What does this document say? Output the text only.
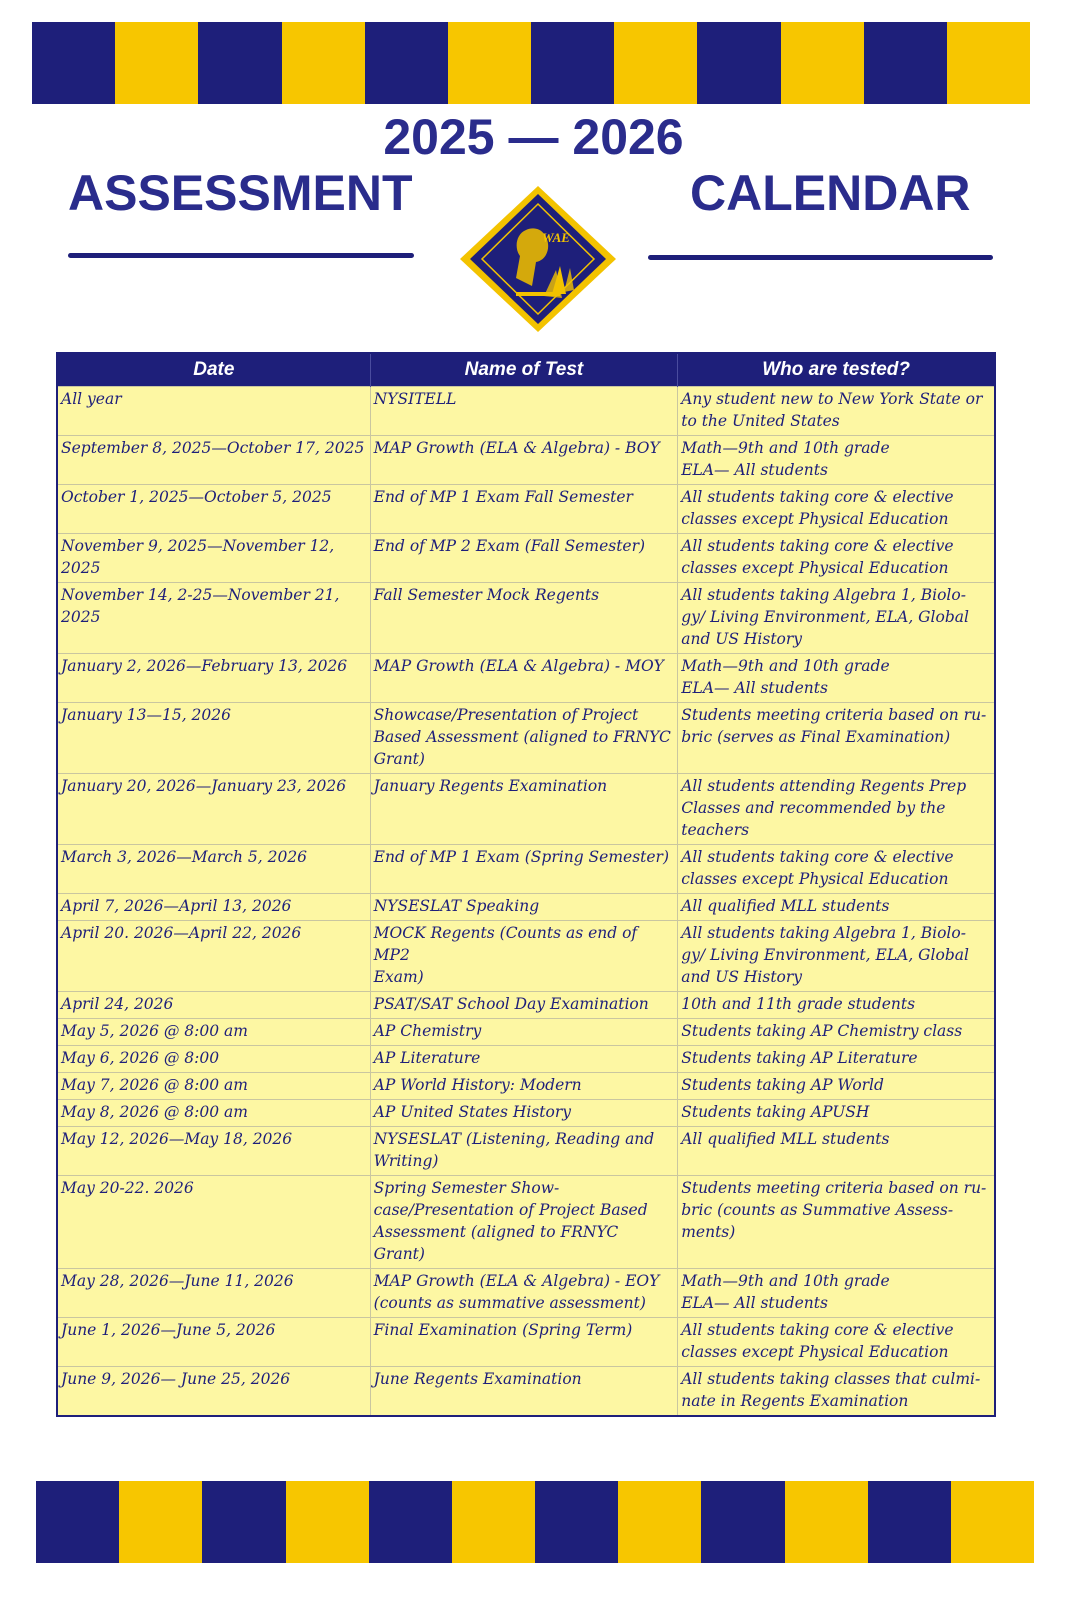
2025 — 2026
ASSESSMENT	CALENDAR
WAE
Date	Name of Test	Who are tested?
All year	NYSITELL	Any student new to New York State or
to the United States
September 8, 2025—October 17, 2025	MAP Growth (ELA & Algebra) - BOY	Math—9th and 10th grade
ELA— All students
October 1, 2025—October 5, 2025	End of MP 1 Exam Fall Semester	All students taking core & elective
classes except Physical Education
November 9, 2025—November 12, 2025	End of MP 2 Exam (Fall Semester)	All students taking core & elective
classes except Physical Education
November 14, 2-25—November 21,
2025	Fall Semester Mock Regents	All students taking Algebra 1, Biolo-
gy/ Living Environment, ELA, Global
and US History
January 2, 2026—February 13, 2026	MAP Growth (ELA & Algebra) - MOY	Math—9th and 10th grade
ELA— All students
January 13—15, 2026	Showcase/Presentation of Project
Based Assessment (aligned to FRNYC
Grant)	Students meeting criteria based on ru-
bric (serves as Final Examination)
January 20, 2026—January 23, 2026	January Regents Examination	All students attending Regents Prep
Classes and recommended by the
teachers
March 3, 2026—March 5, 2026	End of MP 1 Exam (Spring Semester)	All students taking core & elective
classes except Physical Education
April 7, 2026—April 13, 2026	NYSESLAT Speaking	All qualified MLL students
April 20. 2026—April 22, 2026	MOCK Regents (Counts as end of MP2
Exam)	All students taking Algebra 1, Biolo-
gy/ Living Environment, ELA, Global
and US History
April 24, 2026	PSAT/SAT School Day Examination	10th and 11th grade students
May 5, 2026 @ 8:00 am	AP Chemistry	Students taking AP Chemistry class
May 6, 2026 @ 8:00	AP Literature	Students taking AP Literature
May 7, 2026 @ 8:00 am	AP World History: Modern	Students taking AP World
May 8, 2026 @ 8:00 am	AP United States History	Students taking APUSH
May 12, 2026—May 18, 2026	NYSESLAT (Listening, Reading and
Writing)	All qualified MLL students
May 20-22. 2026	Spring Semester Show-
case/Presentation of Project Based
Assessment (aligned to FRNYC Grant)	Students meeting criteria based on ru-
bric (counts as Summative Assess-
ments)
May 28, 2026—June 11, 2026	MAP Growth (ELA & Algebra) - EOY
(counts as summative assessment)	Math—9th and 10th grade
ELA— All students
June 1, 2026—June 5, 2026	Final Examination (Spring Term)	All students taking core & elective
classes except Physical Education
June 9, 2026— June 25, 2026	June Regents Examination	All students taking classes that culmi-
nate in Regents Examination
